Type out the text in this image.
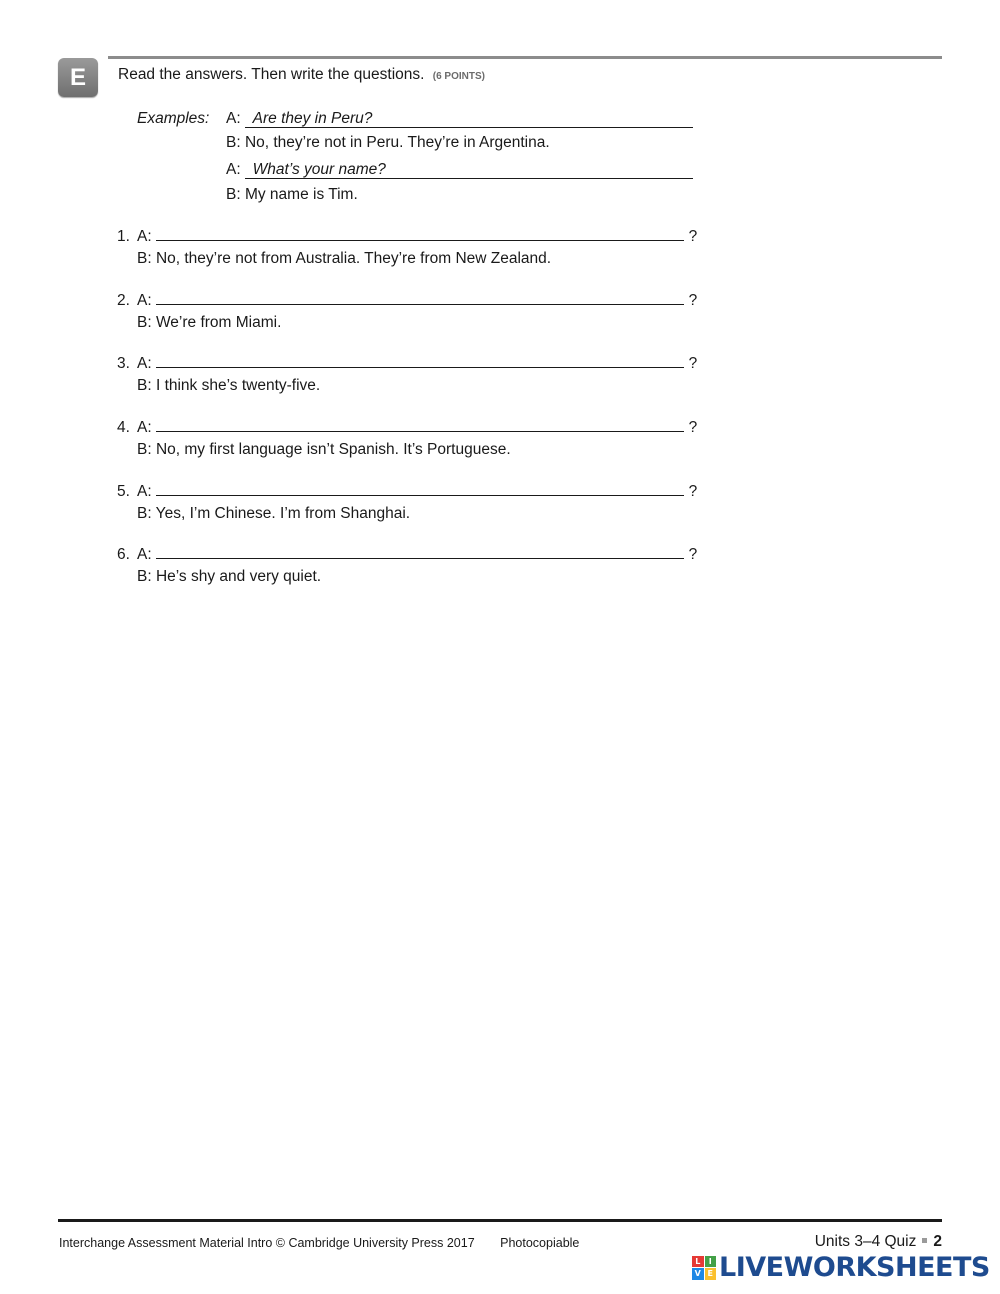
E	Read the answers. Then write the questions. (6 POINTS)
Examples: A: Are they in Peru?
B: No, they’re not in Peru. They’re in Argentina.
A: What’s your name?
B: My name is Tim.
1. A:	?
B: No, they’re not from Australia. They’re from New Zealand.
2. A:	?
B: We’re from Miami.
3. A:	?
B: I think she’s twenty-five.
4. A:	?
B: No, my first language isn’t Spanish. It’s Portuguese.
5. A:	?
B: Yes, I’m Chinese. I’m from Shanghai.
6. A:	?
B: He’s shy and very quiet.
Interchange Assessment Material Intro © Cambridge University Press 2017 Photocopiable	Units 3–4 Quiz 2
L	I
V E LIVEWORKSHEETS
